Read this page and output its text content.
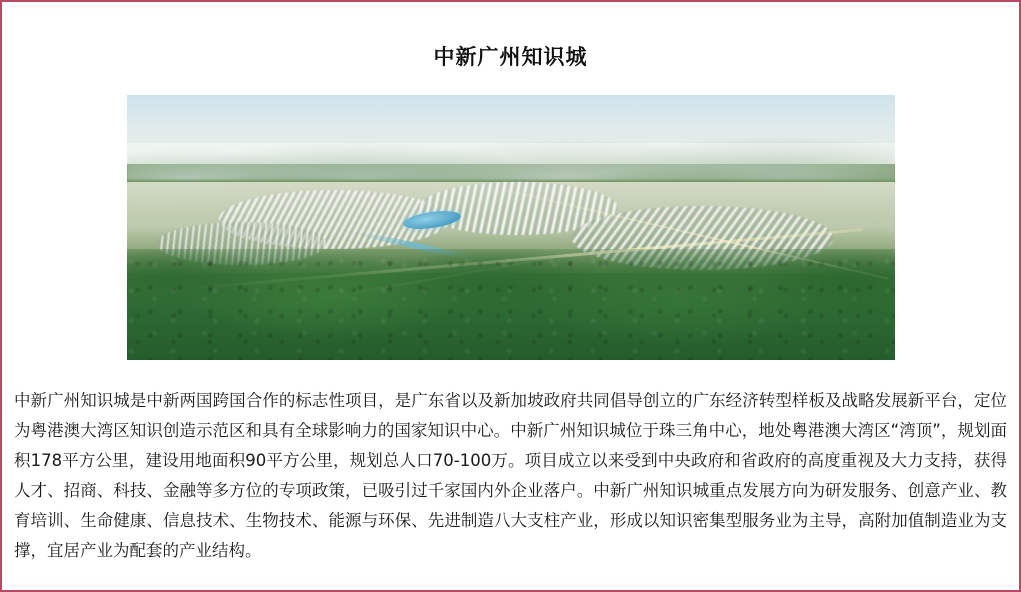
中新广州知识城

中新广州知识城是中新两国跨国合作的标志性项目，是广东省以及新加坡政府共同倡导创立的广东经济转型样板及战略发展新平台，定位为粤港澳大湾区知识创造示范区和具有全球影响力的国家知识中心。中新广州知识城位于珠三角中心，地处粤港澳大湾区“湾顶”，规划面积178平方公里，建设用地面积90平方公里，规划总人口70-100万。项目成立以来受到中央政府和省政府的高度重视及大力支持，获得人才、招商、科技、金融等多方位的专项政策，已吸引过千家国内外企业落户。中新广州知识城重点发展方向为研发服务、创意产业、教育培训、生命健康、信息技术、生物技术、能源与环保、先进制造八大支柱产业，形成以知识密集型服务业为主导，高附加值制造业为支撑，宜居产业为配套的产业结构。
